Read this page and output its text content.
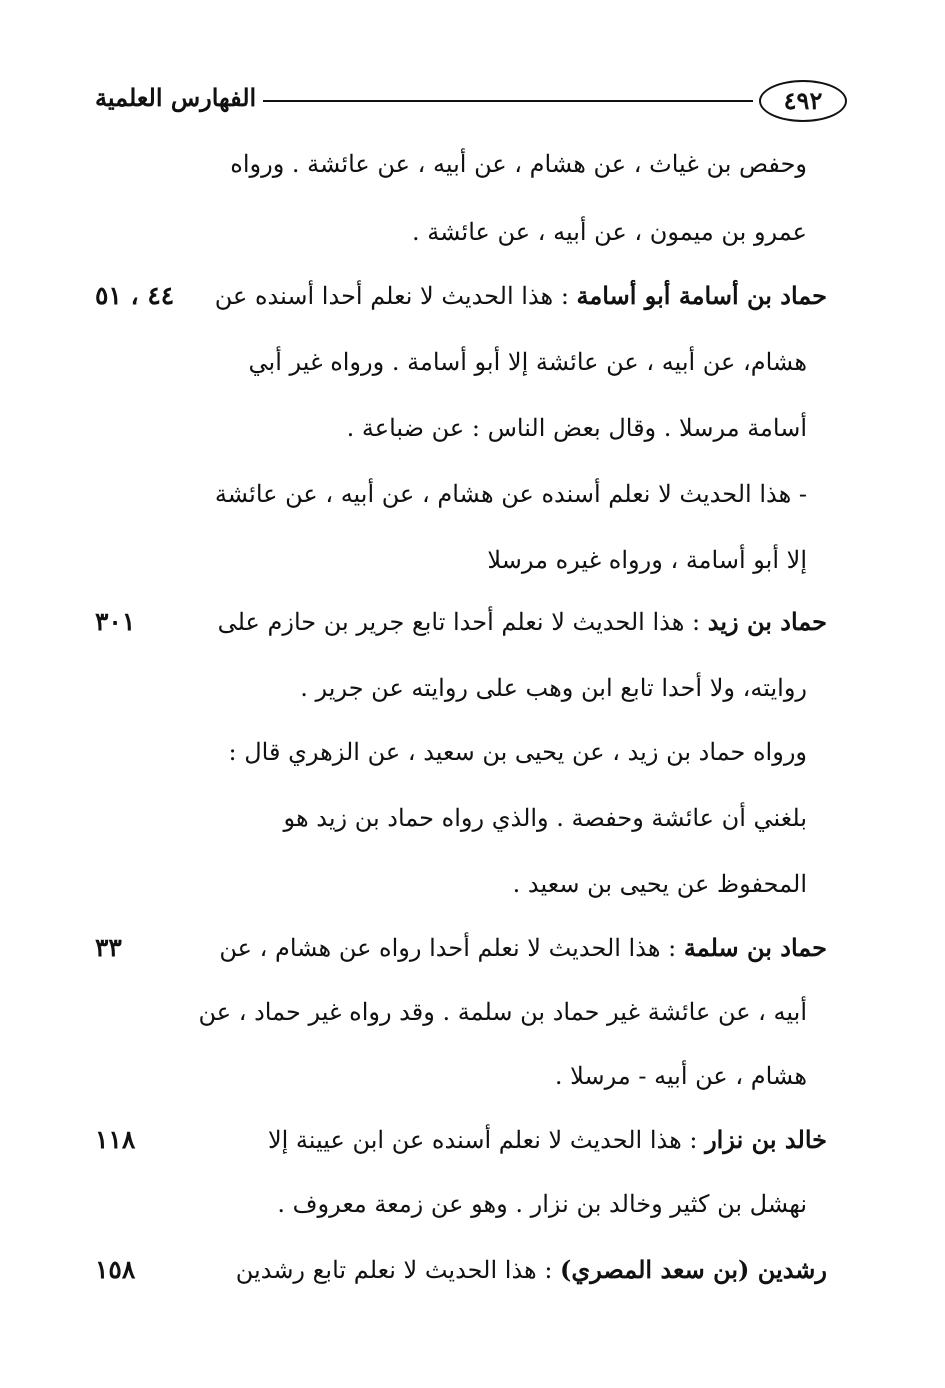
٤٩٢
الفهارس العلمية
وحفص بن غياث ، عن هشام ، عن أبيه ، عن عائشة . ورواه
عمرو بن ميمون ، عن أبيه ، عن عائشة .
حماد بن أسامة أبو أسامة : هذا الحديث لا نعلم أحدا أسنده عن
٤٤ ، ٥١
هشام، عن أبيه ، عن عائشة إلا أبو أسامة . ورواه غير أبي
أسامة مرسلا . وقال بعض الناس : عن ضباعة .
- هذا الحديث لا نعلم أسنده عن هشام ، عن أبيه ، عن عائشة
إلا أبو أسامة ، ورواه غيره مرسلا
حماد بن زيد : هذا الحديث لا نعلم أحدا تابع جرير بن حازم على
٣٠١
روايته، ولا أحدا تابع ابن وهب على روايته عن جرير .
ورواه حماد بن زيد ، عن يحيى بن سعيد ، عن الزهري قال :
بلغني أن عائشة وحفصة . والذي رواه حماد بن زيد هو
المحفوظ عن يحيى بن سعيد .
حماد بن سلمة : هذا الحديث لا نعلم أحدا رواه عن هشام ، عن
٣٣
أبيه ، عن عائشة غير حماد بن سلمة . وقد رواه غير حماد ، عن
هشام ، عن أبيه - مرسلا .
خالد بن نزار : هذا الحديث لا نعلم أسنده عن ابن عيينة إلا
١١٨
نهشل بن كثير وخالد بن نزار . وهو عن زمعة معروف .
رشدين (بن سعد المصري) : هذا الحديث لا نعلم تابع رشدين
١٥٨
